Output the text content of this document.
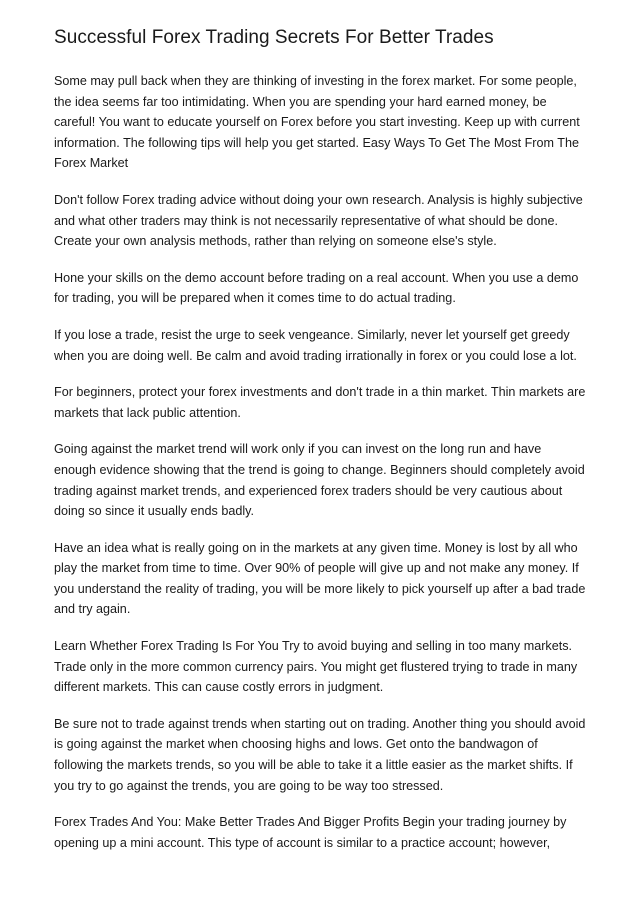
Successful Forex Trading Secrets For Better Trades

Some may pull back when they are thinking of investing in the forex market. For some people, the idea seems far too intimidating. When you are spending your hard earned money, be careful! You want to educate yourself on Forex before you start investing. Keep up with current information. The following tips will help you get started. Easy Ways To Get The Most From The Forex Market

Don't follow Forex trading advice without doing your own research. Analysis is highly subjective and what other traders may think is not necessarily representative of what should be done. Create your own analysis methods, rather than relying on someone else's style.

Hone your skills on the demo account before trading on a real account. When you use a demo for trading, you will be prepared when it comes time to do actual trading.

If you lose a trade, resist the urge to seek vengeance. Similarly, never let yourself get greedy when you are doing well. Be calm and avoid trading irrationally in forex or you could lose a lot.

For beginners, protect your forex investments and don't trade in a thin market. Thin markets are markets that lack public attention.

Going against the market trend will work only if you can invest on the long run and have enough evidence showing that the trend is going to change. Beginners should completely avoid trading against market trends, and experienced forex traders should be very cautious about doing so since it usually ends badly.

Have an idea what is really going on in the markets at any given time. Money is lost by all who play the market from time to time. Over 90% of people will give up and not make any money. If you understand the reality of trading, you will be more likely to pick yourself up after a bad trade and try again.

Learn Whether Forex Trading Is For You Try to avoid buying and selling in too many markets. Trade only in the more common currency pairs. You might get flustered trying to trade in many different markets. This can cause costly errors in judgment.

Be sure not to trade against trends when starting out on trading. Another thing you should avoid is going against the market when choosing highs and lows. Get onto the bandwagon of following the markets trends, so you will be able to take it a little easier as the market shifts. If you try to go against the trends, you are going to be way too stressed.

Forex Trades And You: Make Better Trades And Bigger Profits Begin your trading journey by opening up a mini account. This type of account is similar to a practice account; however,
